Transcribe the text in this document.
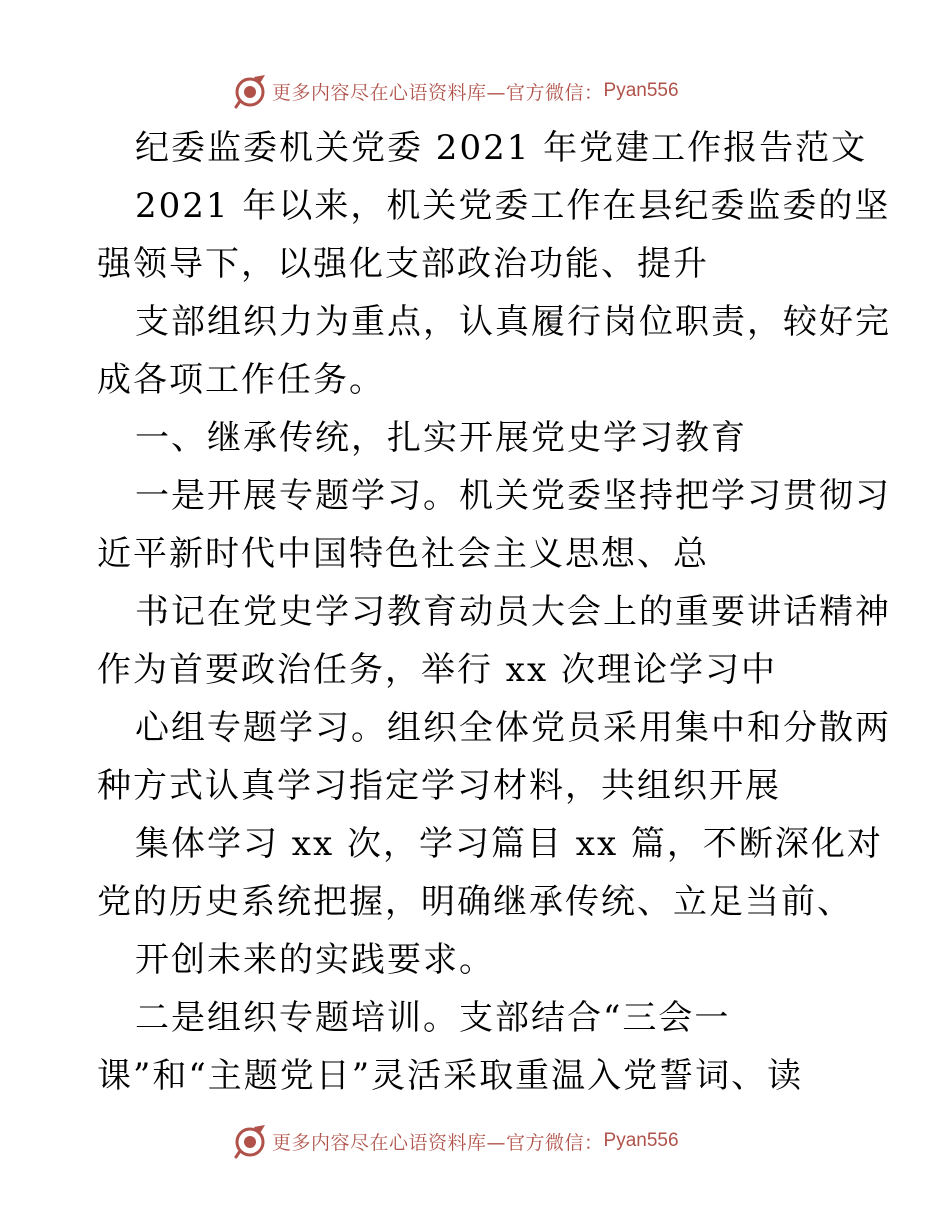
更多内容尽在心语资料库—官方微信： Pyan556
纪委监委机关党委 2021 年党建工作报告范文
2021 年以来，机关党委工作在县纪委监委的坚
强领导下，以强化支部政治功能、提升
支部组织力为重点，认真履行岗位职责，较好完
成各项工作任务。
一、继承传统，扎实开展党史学习教育
一是开展专题学习。机关党委坚持把学习贯彻习
近平新时代中国特色社会主义思想、总
书记在党史学习教育动员大会上的重要讲话精神
作为首要政治任务，举行 xx 次理论学习中
心组专题学习。组织全体党员采用集中和分散两
种方式认真学习指定学习材料，共组织开展
集体学习 xx 次，学习篇目 xx 篇，不断深化对
党的历史系统把握，明确继承传统、立足当前、
开创未来的实践要求。
二是组织专题培训。支部结合“三会一
课”和“主题党日”灵活采取重温入党誓词、读
更多内容尽在心语资料库—官方微信： Pyan556
